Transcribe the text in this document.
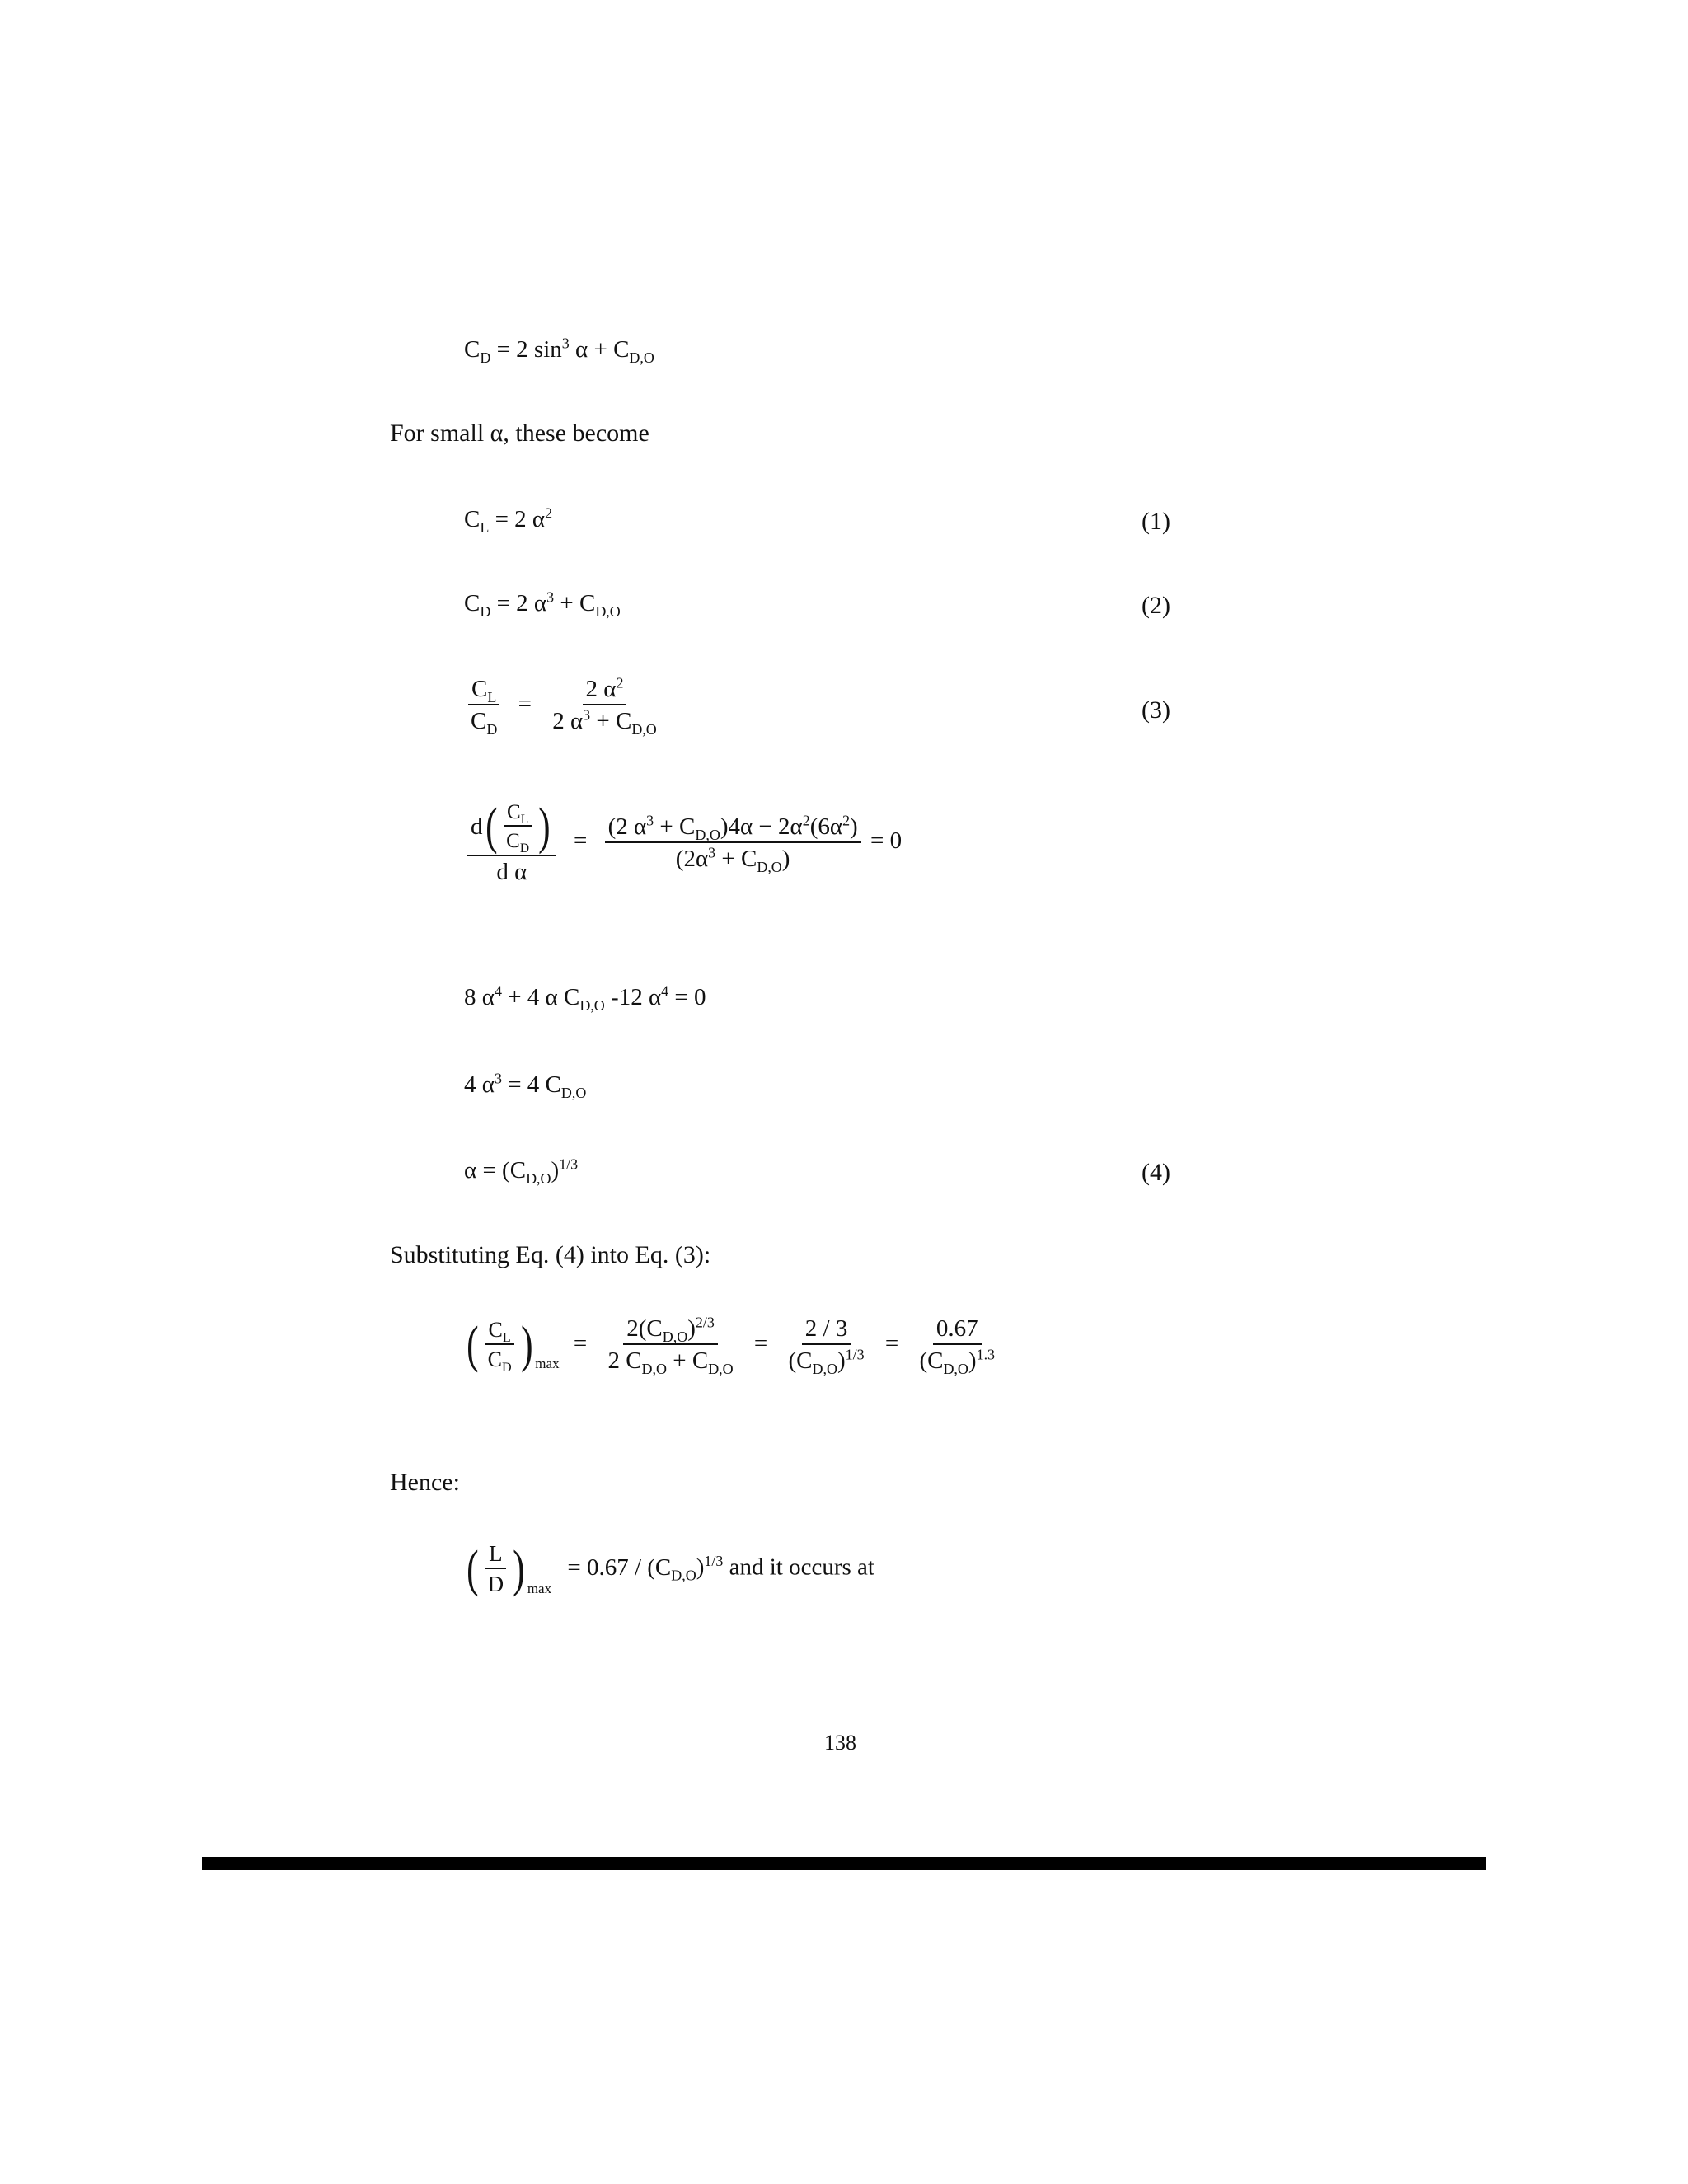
$C_D = 2$ $\sin^3 \alpha + C_{D,O}$
For small α, these become
$C_L = 2$ $\alpha^2$	(1)
$C_D = 2$ $\alpha^3 + C_{D,O}$	(2)
$\frac{C_L}{C_D} = \frac{2 \alpha^2}{2 \alpha^3 + C_{D,O}}$	(3)
d ( $\frac{C_L}{C_D}$ )
d α
= $\frac{(2 \alpha^3 + C_{D,O})4\alpha - 2\alpha^2(6\alpha^2)}{(2\alpha^3 + C_{D,O})} = 0$
8 $\alpha^4 + 4$ α $C_{D,O}$ -12 $\alpha^4 = 0$
4 $\alpha^3 = 4$ $C_{D,O}$
$\alpha = (C_{D,O})^{1/3}$	(4)
Substituting Eq. (4) into Eq. (3):
( $\frac{C_L}{C_D}$ ) max
= $\frac{2(C_{D,O})^{2/3}}{2 C_{D,O} + C_{D,O}} = \frac{2 / 3}{(C_{D,O})^{1/3}} = \frac{0.67}{(C_{D,O})^{1.3}}$
Hence:
( $\frac{L}{D}$ ) max
= $0.67 / (C_{D,O})^{1/3}$ and it occurs at
138
